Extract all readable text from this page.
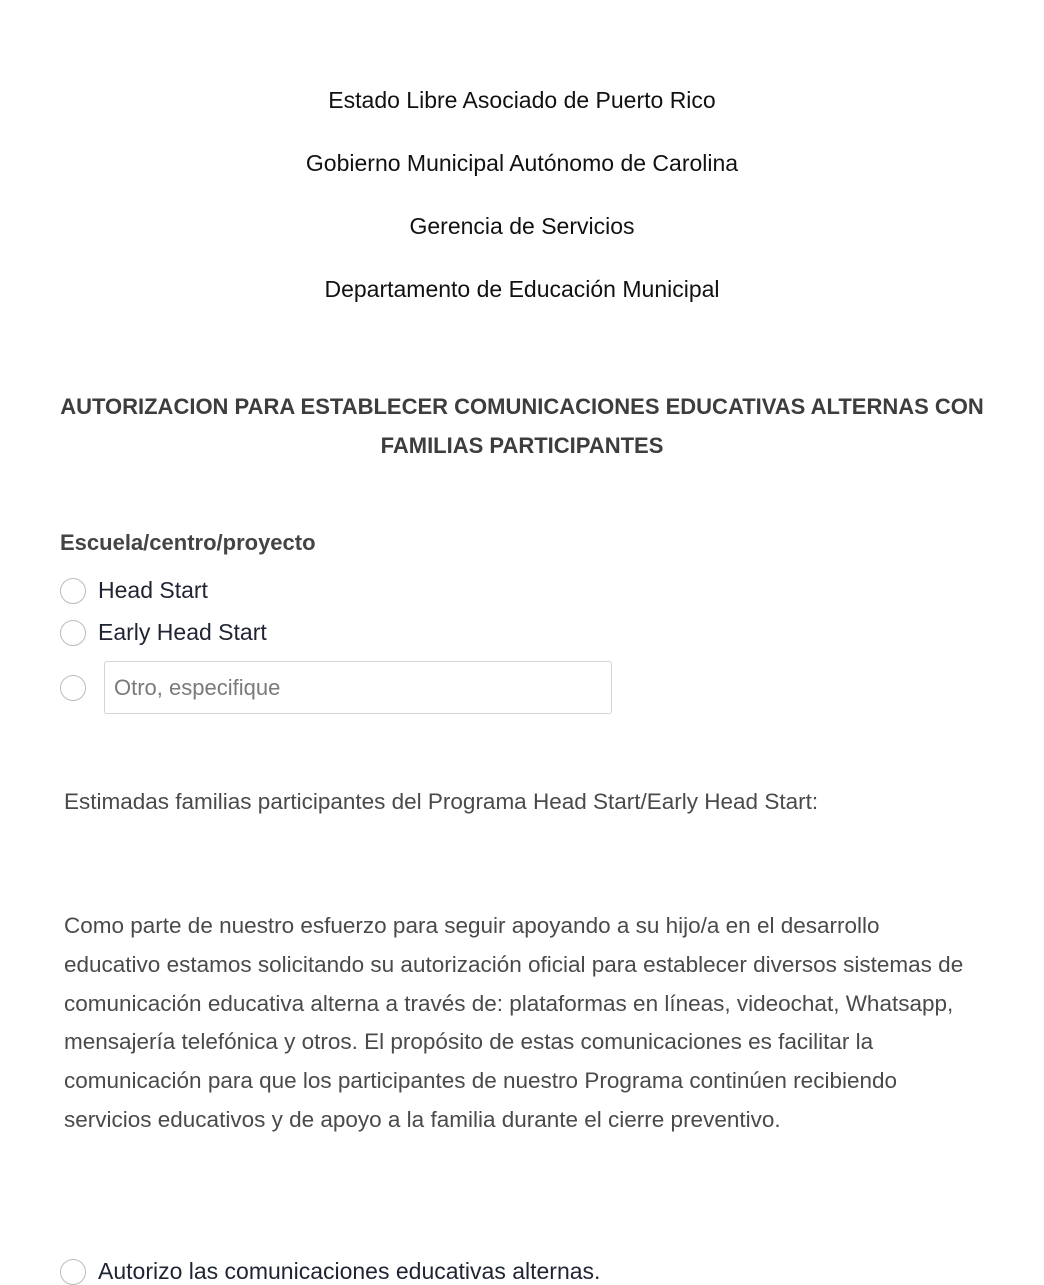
Estado Libre Asociado de Puerto Rico
Gobierno Municipal Autónomo de Carolina
Gerencia de Servicios
Departamento de Educación Municipal
AUTORIZACION PARA ESTABLECER COMUNICACIONES EDUCATIVAS ALTERNAS CON FAMILIAS PARTICIPANTES
Escuela/centro/proyecto
Head Start
Early Head Start
Otro, especifique

Estimadas familias participantes del Programa Head Start/Early Head Start:

Como parte de nuestro esfuerzo para seguir apoyando a su hijo/a en el desarrollo educativo estamos solicitando su autorización oficial para establecer diversos sistemas de comunicación educativa alterna a través de: plataformas en líneas, videochat, Whatsapp, mensajería telefónica y otros. El propósito de estas comunicaciones es facilitar la comunicación para que los participantes de nuestro Programa continúen recibiendo servicios educativos y de apoyo a la familia durante el cierre preventivo.

Autorizo las comunicaciones educativas alternas.
